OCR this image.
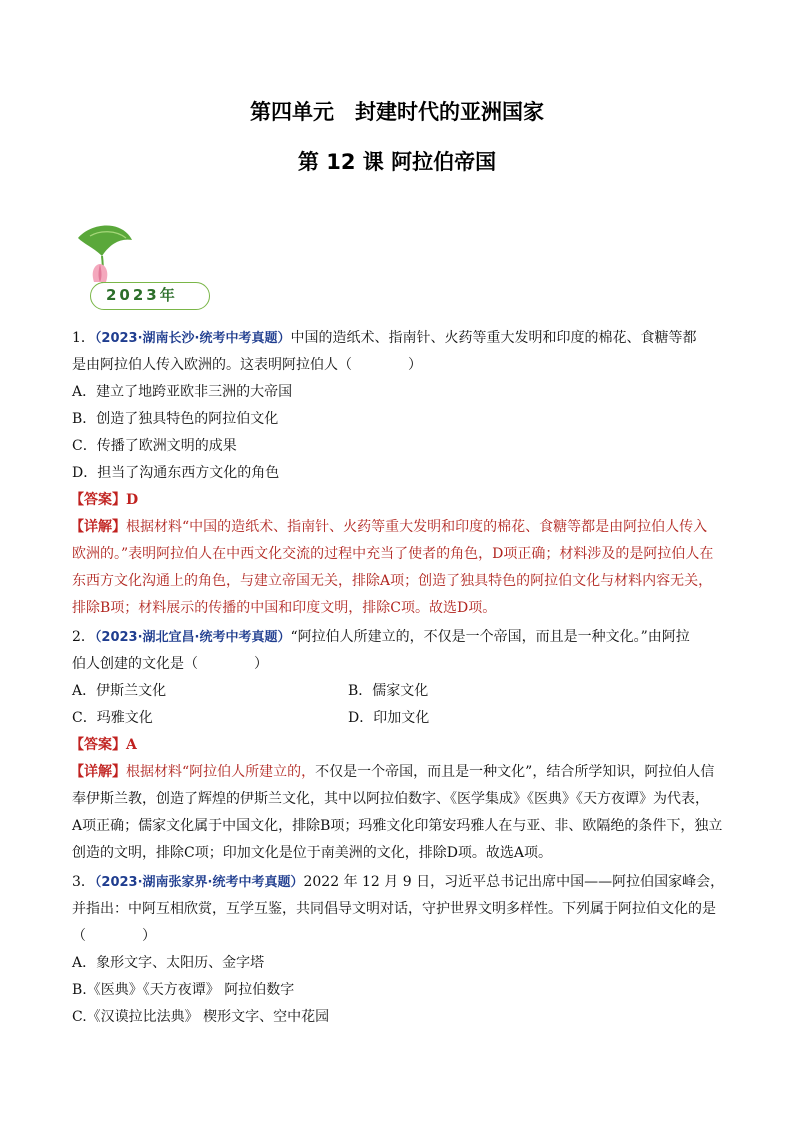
第四单元　封建时代的亚洲国家
第 12 课 阿拉伯帝国
2023年
1．（2023·湖南长沙·统考中考真题）中国的造纸术、指南针、火药等重大发明和印度的棉花、食糖等都
是由阿拉伯人传入欧洲的。这表明阿拉伯人（　　　　）
A．建立了地跨亚欧非三洲的大帝国
B．创造了独具特色的阿拉伯文化
C．传播了欧洲文明的成果
D．担当了沟通东西方文化的角色
【答案】D
【详解】根据材料“中国的造纸术、指南针、火药等重大发明和印度的棉花、食糖等都是由阿拉伯人传入
欧洲的。”表明阿拉伯人在中西文化交流的过程中充当了使者的角色，D项正确；材料涉及的是阿拉伯人在
东西方文化沟通上的角色，与建立帝国无关，排除A项；创造了独具特色的阿拉伯文化与材料内容无关，
排除B项；材料展示的传播的中国和印度文明，排除C项。故选D项。
2．（2023·湖北宜昌·统考中考真题）“阿拉伯人所建立的，不仅是一个帝国，而且是一种文化。”由阿拉
伯人创建的文化是（　　　　）
A．伊斯兰文化	B．儒家文化
C．玛雅文化	D．印加文化
【答案】A
【详解】根据材料“阿拉伯人所建立的，不仅是一个帝国，而且是一种文化”，结合所学知识，阿拉伯人信
奉伊斯兰教，创造了辉煌的伊斯兰文化，其中以阿拉伯数字、《医学集成》《医典》《天方夜谭》为代表，
A项正确；儒家文化属于中国文化，排除B项；玛雅文化印第安玛雅人在与亚、非、欧隔绝的条件下，独立
创造的文明，排除C项；印加文化是位于南美洲的文化，排除D项。故选A项。
3．（2023·湖南张家界·统考中考真题）2022 年 12 月 9 日，习近平总书记出席中国——阿拉伯国家峰会，
并指出：中阿互相欣赏，互学互鉴，共同倡导文明对话，守护世界文明多样性。下列属于阿拉伯文化的是
（　　　　）
A．象形文字、太阳历、金字塔
B.《医典》《天方夜谭》 阿拉伯数字
C.《汉谟拉比法典》 楔形文字、空中花园
